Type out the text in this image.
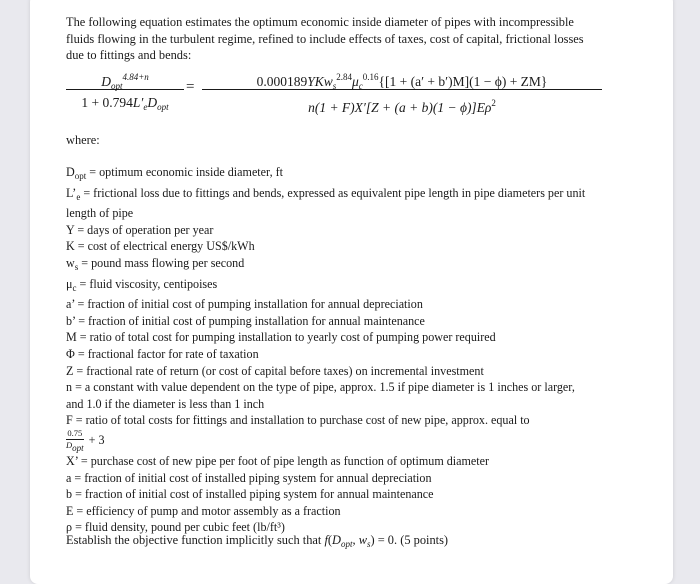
The following equation estimates the optimum economic inside diameter of pipes with incompressible fluids flowing in the turbulent regime, refined to include effects of taxes, cost of capital, frictional losses due to fittings and bends:

$D_{opt}^{4.84+n}$
$1 + 0.794L'_eD_{opt}$
=	$0.000189YKw_s^{2.84}\mu_c^{0.16}\{[1 + (a' + b')M](1 - \phi) + ZM\}$
$n(1 + F)X'[Z + (a + b)(1 - \phi)]E\rho^2$
where:
$D_{opt}$ = optimum economic inside diameter, ft
$L’_e$ = frictional loss due to fittings and bends, expressed as equivalent pipe length in pipe diameters per unit length of pipe
Y = days of operation per year
K = cost of electrical energy US$/kWh
$w_s$ = pound mass flowing per second
$\mu_c$ = fluid viscosity, centipoises
a’ = fraction of initial cost of pumping installation for annual depreciation
b’ = fraction of initial cost of pumping installation for annual maintenance
M = ratio of total cost for pumping installation to yearly cost of pumping power required
Φ = fractional factor for rate of taxation
Z = fractional rate of return (or cost of capital before taxes) on incremental investment
n = a constant with value dependent on the type of pipe, approx. 1.5 if pipe diameter is 1 inches or larger, and 1.0 if the diameter is less than 1 inch
F = ratio of total costs for fittings and installation to purchase cost of new pipe, approx. equal to
$\frac{0.75}{D_{opt}} + 3$
X’ = purchase cost of new pipe per foot of pipe length as function of optimum diameter
a = fraction of initial cost of installed piping system for annual depreciation
b = fraction of initial cost of installed piping system for annual maintenance
E = efficiency of pump and motor assembly as a fraction
ρ = fluid density, pound per cubic feet (lb/ft³)
Establish the objective function implicitly such that $f(D_{opt}$, $w_s) = 0$. (5 points)
